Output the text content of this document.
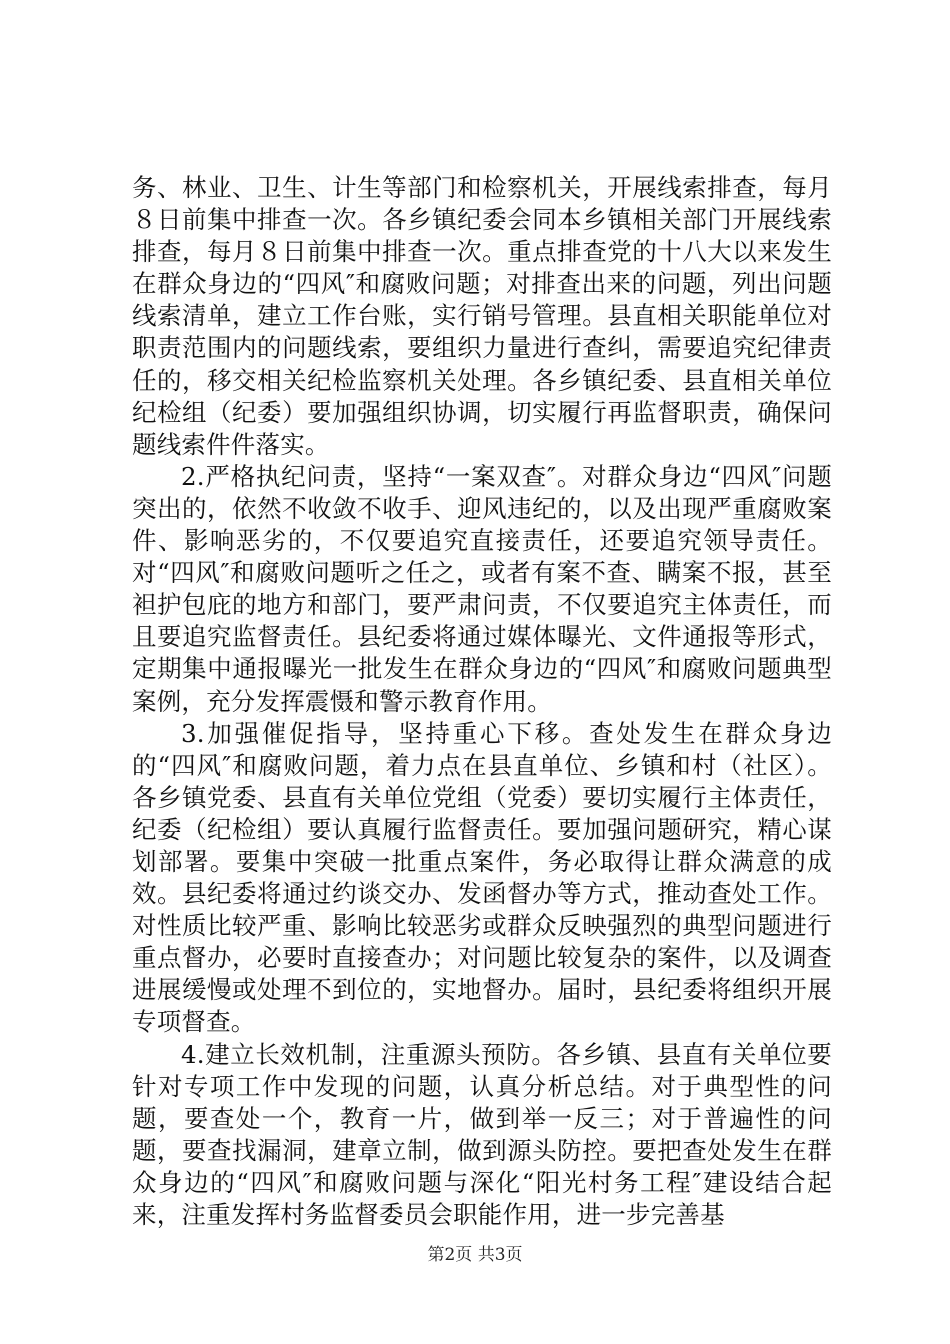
务、林业、卫生、计生等部门和检察机关，开展线索排查，每月８日前集中排查一次。各乡镇纪委会同本乡镇相关部门开展线索排查，每月８日前集中排查一次。重点排查党的十八大以来发生在群众身边的“四风″和腐败问题；对排查出来的问题，列出问题线索清单，建立工作台账，实行销号管理。县直相关职能单位对职责范围内的问题线索，要组织力量进行查纠，需要追究纪律责任的，移交相关纪检监察机关处理。各乡镇纪委、县直相关单位纪检组（纪委）要加强组织协调，切实履行再监督职责，确保问题线索件件落实。

2.严格执纪问责，坚持“一案双查″。对群众身边“四风″问题突出的，依然不收敛不收手、迎风违纪的，以及出现严重腐败案件、影响恶劣的，不仅要追究直接责任，还要追究领导责任。对“四风″和腐败问题听之任之，或者有案不查、瞒案不报，甚至袒护包庇的地方和部门，要严肃问责，不仅要追究主体责任，而且要追究监督责任。县纪委将通过媒体曝光、文件通报等形式，定期集中通报曝光一批发生在群众身边的“四风″和腐败问题典型案例，充分发挥震慑和警示教育作用。

3.加强催促指导，坚持重心下移。查处发生在群众身边的“四风″和腐败问题，着力点在县直单位、乡镇和村（社区）。各乡镇党委、县直有关单位党组（党委）要切实履行主体责任，纪委（纪检组）要认真履行监督责任。要加强问题研究，精心谋划部署。要集中突破一批重点案件，务必取得让群众满意的成效。县纪委将通过约谈交办、发函督办等方式，推动查处工作。对性质比较严重、影响比较恶劣或群众反映强烈的典型问题进行重点督办，必要时直接查办；对问题比较复杂的案件，以及调查进展缓慢或处理不到位的，实地督办。届时，县纪委将组织开展专项督查。

4.建立长效机制，注重源头预防。各乡镇、县直有关单位要针对专项工作中发现的问题，认真分析总结。对于典型性的问题，要查处一个，教育一片，做到举一反三；对于普遍性的问题，要查找漏洞，建章立制，做到源头防控。要把查处发生在群众身边的“四风″和腐败问题与深化“阳光村务工程″建设结合起来，注重发挥村务监督委员会职能作用，进一步完善基

第2页 共3页
